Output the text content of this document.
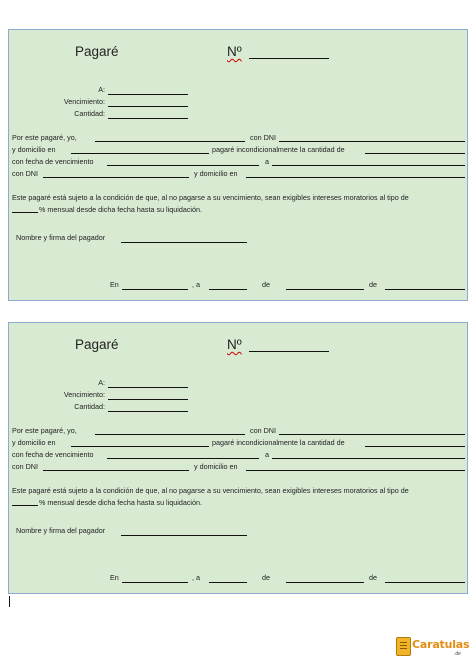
Pagaré	Nº
A:
Vencimiento:
Cantidad:
Por este pagaré, yo,	con DNI
y domicilio en	pagaré incondicionalmente la cantidad de
con fecha de vencimiento	a
con DNI	y domicilio en
Este pagaré está sujeto a la condición de que, al no pagarse a su vencimiento, sean exigibles intereses moratorios al tipo de
% mensual desde dicha fecha hasta su liquidación.
Nombre y firma del pagador
En	, a	de	de
Pagaré	Nº
A:
Vencimiento:
Cantidad:
Por este pagaré, yo,	con DNI
y domicilio en	pagaré incondicionalmente la cantidad de
con fecha de vencimiento	a
con DNI	y domicilio en
Este pagaré está sujeto a la condición de que, al no pagarse a su vencimiento, sean exigibles intereses moratorios al tipo de
% mensual desde dicha fecha hasta su liquidación.
Nombre y firma del pagador
En	, a	de	de
Caratulas
.de
